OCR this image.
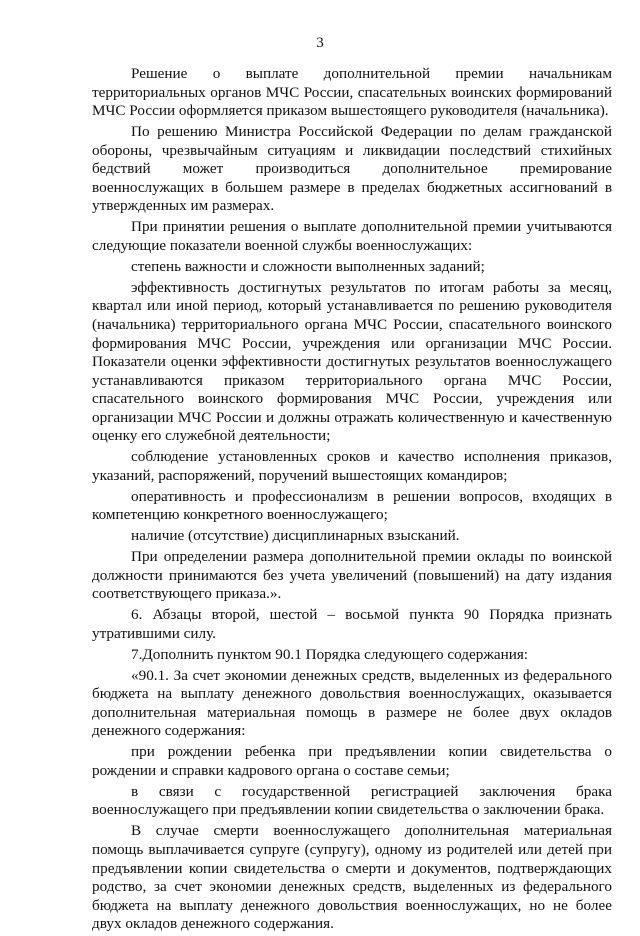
3

Решение о выплате дополнительной премии начальникам территориальных органов МЧС России, спасательных воинских формирований МЧС России оформляется приказом вышестоящего руководителя (начальника).

По решению Министра Российской Федерации по делам гражданской обороны, чрезвычайным ситуациям и ликвидации последствий стихийных бедствий может производиться дополнительное премирование военнослужащих в большем размере в пределах бюджетных ассигнований в утвержденных им размерах.

При принятии решения о выплате дополнительной премии учитываются следующие показатели военной службы военнослужащих:

степень важности и сложности выполненных заданий;

эффективность достигнутых результатов по итогам работы за месяц, квартал или иной период, который устанавливается по решению руководителя (начальника) территориального органа МЧС России, спасательного воинского формирования МЧС России, учреждения или организации МЧС России. Показатели оценки эффективности достигнутых результатов военнослужащего устанавливаются приказом территориального органа МЧС России, спасательного воинского формирования МЧС России, учреждения или организации МЧС России и должны отражать количественную и качественную оценку его служебной деятельности;

соблюдение установленных сроков и качество исполнения приказов, указаний, распоряжений, поручений вышестоящих командиров;

оперативность и профессионализм в решении вопросов, входящих в компетенцию конкретного военнослужащего;

наличие (отсутствие) дисциплинарных взысканий.

При определении размера дополнительной премии оклады по воинской должности принимаются без учета увеличений (повышений) на дату издания соответствующего приказа.».

6. Абзацы второй, шестой – восьмой пункта 90 Порядка признать утратившими силу.

7.Дополнить пунктом 90.1 Порядка следующего содержания:

«90.1. За счет экономии денежных средств, выделенных из федерального бюджета на выплату денежного довольствия военнослужащих, оказывается дополнительная материальная помощь в размере не более двух окладов денежного содержания:

при рождении ребенка при предъявлении копии свидетельства о рождении и справки кадрового органа о составе семьи;

в связи с государственной регистрацией заключения брака военнослужащего при предъявлении копии свидетельства о заключении брака.

В случае смерти военнослужащего дополнительная материальная помощь выплачивается супруге (супругу), одному из родителей или детей при предъявлении копии свидетельства о смерти и документов, подтверждающих родство, за счет экономии денежных средств, выделенных из федерального бюджета на выплату денежного довольствия военнослужащих, но не более двух окладов денежного содержания.
